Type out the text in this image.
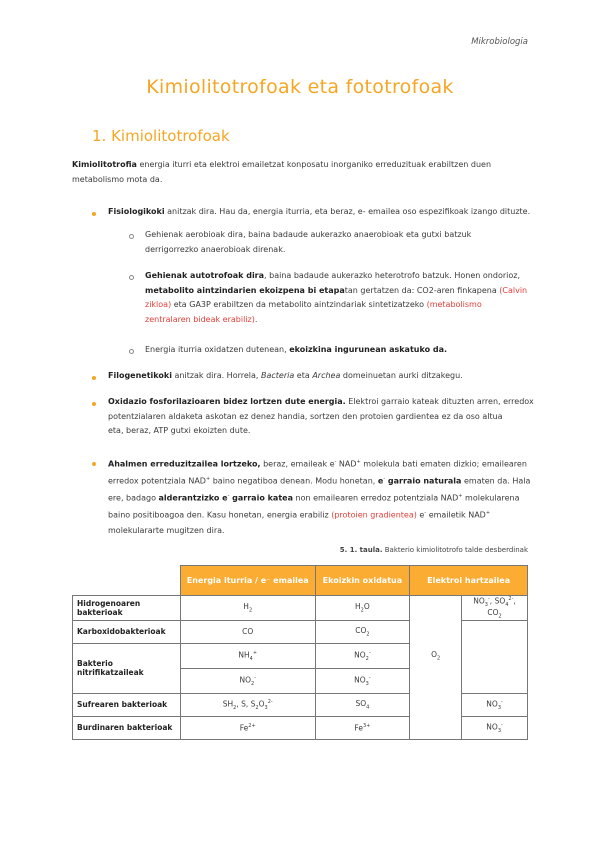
Mikrobiologia
Kimiolitotrofoak eta fototrofoak
1. Kimiolitotrofoak
Kimiolitotrofia energia iturri eta elektroi emailetzat konposatu inorganiko erreduzituak erabiltzen duen
metabolismo mota da.
Fisiologikoki anitzak dira. Hau da, energia iturria, eta beraz, e- emailea oso espezifikoak izango dituzte.
Gehienak aerobioak dira, baina badaude aukerazko anaerobioak eta gutxi batzuk
derrigorrezko anaerobioak direnak.
Gehienak autotrofoak dira, baina badaude aukerazko heterotrofo batzuk. Honen ondorioz,
metabolito aintzindarien ekoizpena bi etapatan gertatzen da: CO2-aren finkapena (Calvin
zikloa) eta GA3P erabiltzen da metabolito aintzindariak sintetizatzeko (metabolismo
zentralaren bideak erabiliz).
Energia iturria oxidatzen dutenean, ekoizkina ingurunean askatuko da.
Filogenetikoki anitzak dira. Horrela, Bacteria eta Archea domeinuetan aurki ditzakegu.
Oxidazio fosforilazioaren bidez lortzen dute energia. Elektroi garraio kateak dituzten arren, erredox
potentzialaren aldaketa askotan ez denez handia, sortzen den protoien gardientea ez da oso altua
eta, beraz, ATP gutxi ekoizten dute.
Ahalmen erreduzitzailea lortzeko, beraz, emaileak e- NAD+ molekula bati ematen dizkio; emailearen
erredox potentziala NAD+ baino negatiboa denean. Modu honetan, e- garraio naturala ematen da. Hala
ere, badago alderantzizko e- garraio katea non emailearen erredoz potentziala NAD+ molekularena
baino positiboagoa den. Kasu honetan, energia erabiliz (protoien gradientea) e- emailetik NAD+
molekulararte mugitzen dira.
5. 1. taula. Bakterio kimiolitotrofo talde desberdinak
	Energia iturria / e⁻ emailea	Ekoizkin oxidatua	Elektroi hartzailea	
Hidrogenoaren bakterioak	$H_2$	$H_2O$	$O_2$	$NO_3^-$, $SO_4^{2-}$, $CO_2$
Karboxidobakterioak	CO	$CO_2$	
Bakterio nitrifikatzaileak	$NH_4^+$	$NO_2^-$
	$NO_2^-$	$NO_3^-$
Sufrearen bakterioak	$SH_2$, S, $S_2O_3^{2-}$	$SO_4$		$NO_3^-$
Burdinaren bakterioak	$Fe^{2+}$	$Fe^{3+}$		$NO_3^-$
